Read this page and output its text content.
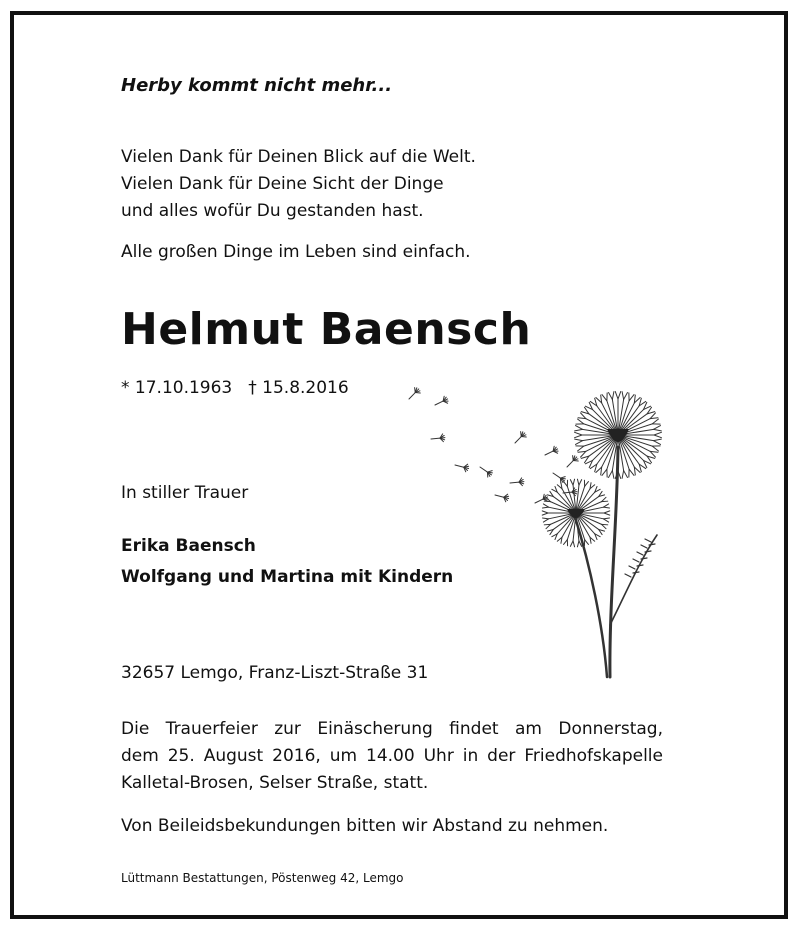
Herby kommt nicht mehr...
Vielen Dank für Deinen Blick auf die Welt.
Vielen Dank für Deine Sicht der Dinge
und alles wofür Du gestanden hast.
Alle großen Dinge im Leben sind einfach.
Helmut Baensch
* 17.10.1963 † 15.8.2016
In stiller Trauer
Erika Baensch
Wolfgang und Martina mit Kindern
32657 Lemgo, Franz-Liszt-Straße 31
Die Trauerfeier zur Einäscherung findet am Donnerstag,
dem 25. August 2016, um 14.00 Uhr in der Friedhofskapelle
Kalletal-Brosen, Selser Straße, statt.
Von Beileidsbekundungen bitten wir Abstand zu nehmen.
Lüttmann Bestattungen, Pöstenweg 42, Lemgo
